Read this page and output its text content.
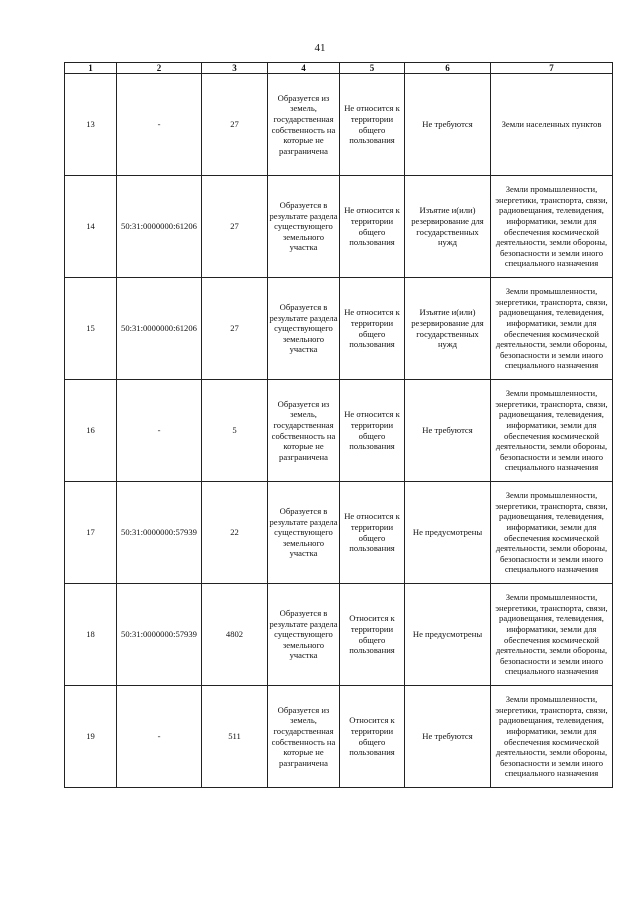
41
1	2	3	4	5	6	7
13	-	27	Образуется из земель, государственная собственность на которые не разграничена	Не относится к территории общего пользования	Не требуются	Земли населенных пунктов
14	50:31:0000000:61206	27	Образуется в результате раздела существующего земельного участка	Не относится к территории общего пользования	Изъятие и(или) резервирование для государственных нужд	Земли промышленности, энергетики, транспорта, связи, радиовещания, телевидения, информатики, земли для обеспечения космической деятельности, земли обороны, безопасности и земли иного специального назначения
15	50:31:0000000:61206	27	Образуется в результате раздела существующего земельного участка	Не относится к территории общего пользования	Изъятие и(или) резервирование для государственных нужд	Земли промышленности, энергетики, транспорта, связи, радиовещания, телевидения, информатики, земли для обеспечения космической деятельности, земли обороны, безопасности и земли иного специального назначения
16	-	5	Образуется из земель, государственная собственность на которые не разграничена	Не относится к территории общего пользования	Не требуются	Земли промышленности, энергетики, транспорта, связи, радиовещания, телевидения, информатики, земли для обеспечения космической деятельности, земли обороны, безопасности и земли иного специального назначения
17	50:31:0000000:57939	22	Образуется в результате раздела существующего земельного участка	Не относится к территории общего пользования	Не предусмотрены	Земли промышленности, энергетики, транспорта, связи, радиовещания, телевидения, информатики, земли для обеспечения космической деятельности, земли обороны, безопасности и земли иного специального назначения
18	50:31:0000000:57939	4802	Образуется в результате раздела существующего земельного участка	Относится к территории общего пользования	Не предусмотрены	Земли промышленности, энергетики, транспорта, связи, радиовещания, телевидения, информатики, земли для обеспечения космической деятельности, земли обороны, безопасности и земли иного специального назначения
19	-	511	Образуется из земель, государственная собственность на которые не разграничена	Относится к территории общего пользования	Не требуются	Земли промышленности, энергетики, транспорта, связи, радиовещания, телевидения, информатики, земли для обеспечения космической деятельности, земли обороны, безопасности и земли иного специального назначения
